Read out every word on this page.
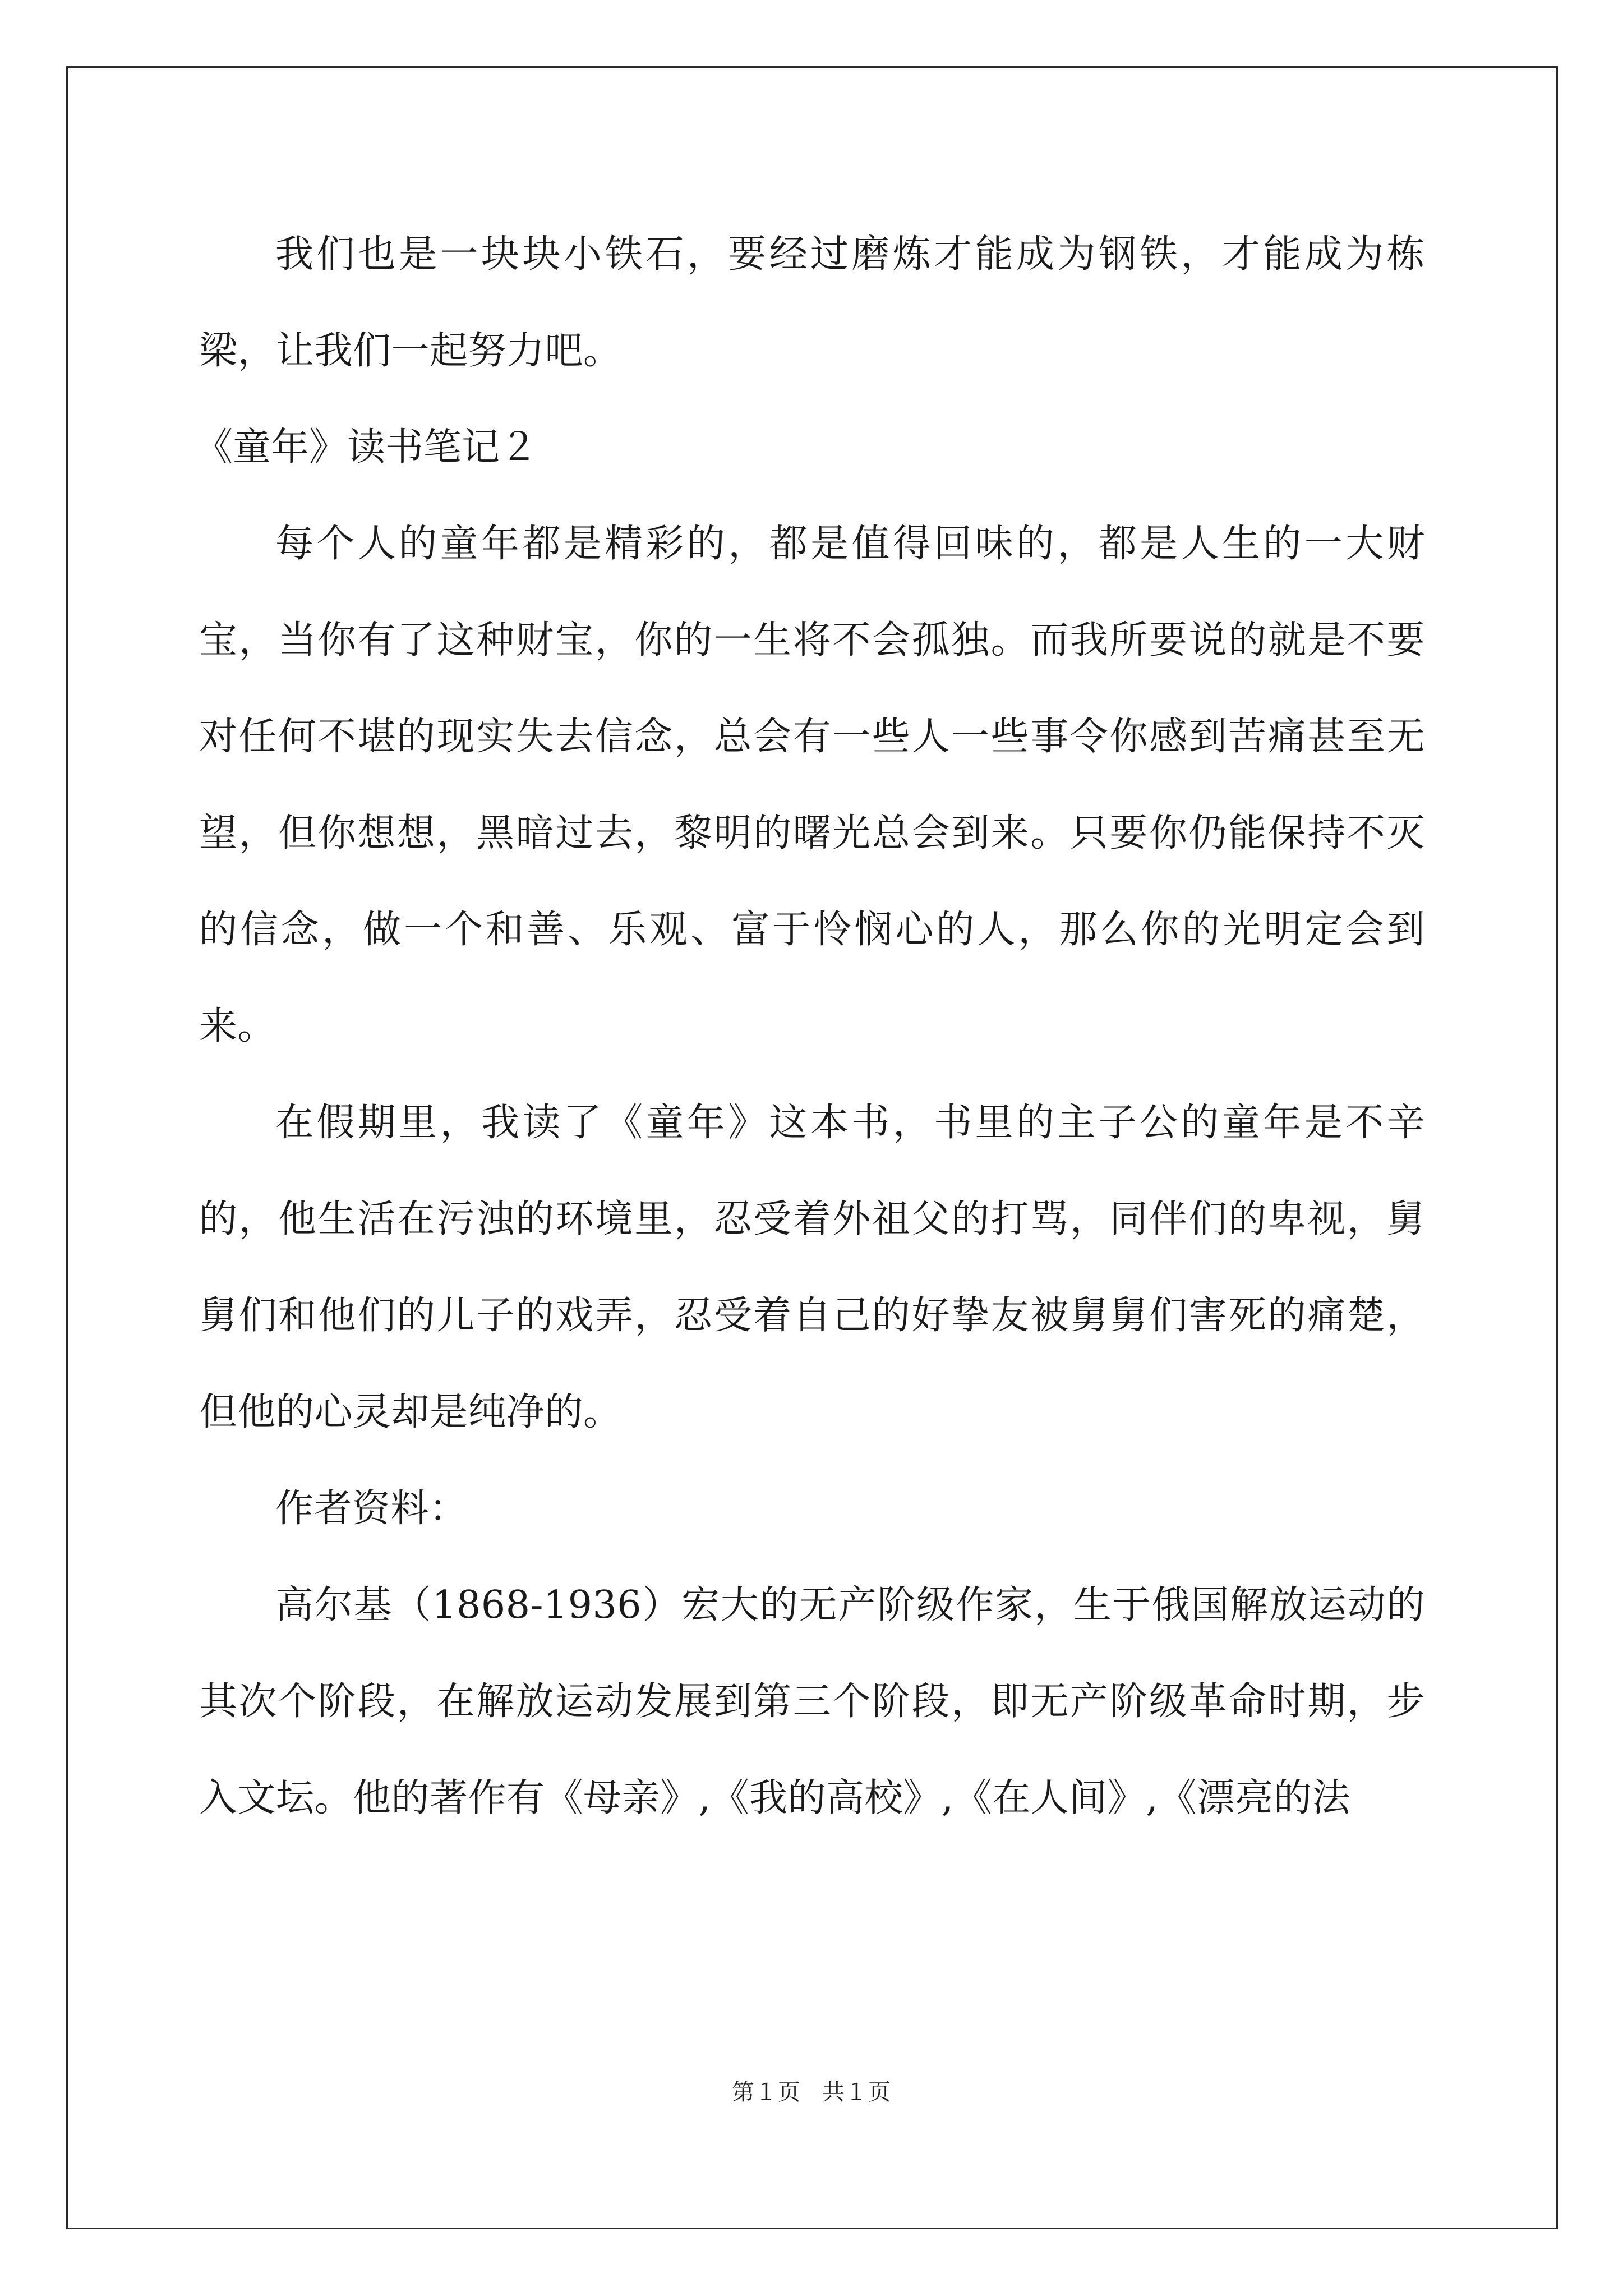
我们也是一块块小铁石，要经过磨炼才能成为钢铁，才能成为栋梁，让我们一起努力吧。

《童年》读书笔记２

每个人的童年都是精彩的，都是值得回味的，都是人生的一大财宝，当你有了这种财宝，你的一生将不会孤独。而我所要说的就是不要对任何不堪的现实失去信念，总会有一些人一些事令你感到苦痛甚至无望，但你想想，黑暗过去，黎明的曙光总会到来。只要你仍能保持不灭的信念，做一个和善、乐观、富于怜悯心的人，那么你的光明定会到来。

在假期里，我读了《童年》这本书，书里的主子公的童年是不辛的，他生活在污浊的环境里，忍受着外祖父的打骂，同伴们的卑视，舅舅们和他们的儿子的戏弄，忍受着自己的好挚友被舅舅们害死的痛楚，但他的心灵却是纯净的。

作者资料：

高尔基（1868-1936）宏大的无产阶级作家，生于俄国解放运动的其次个阶段，在解放运动发展到第三个阶段，即无产阶级革命时期，步入文坛。他的著作有《母亲》,《我的高校》,《在人间》,《漂亮的法

第１页 共１页
